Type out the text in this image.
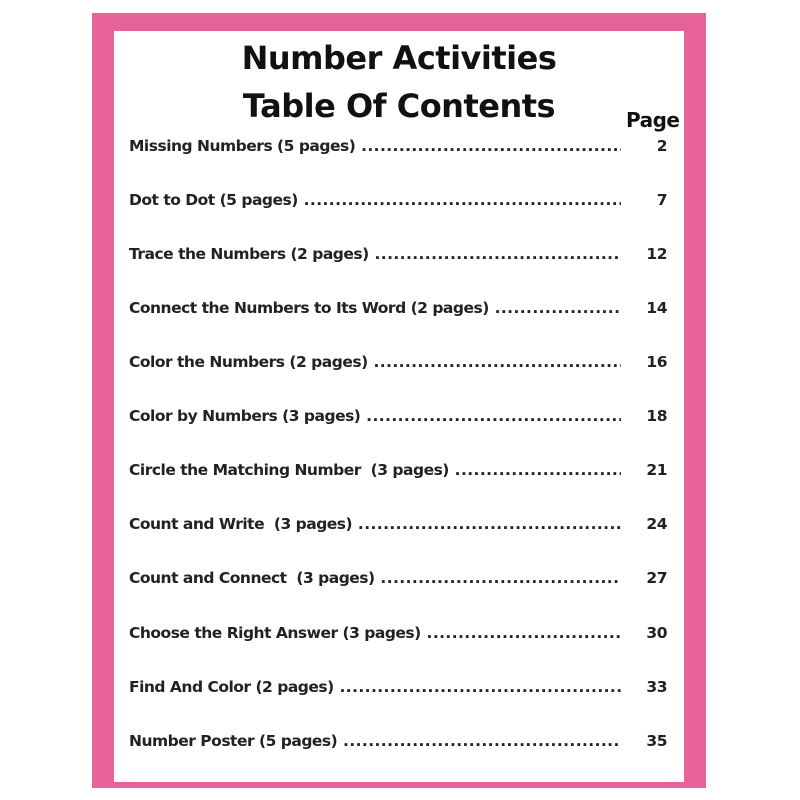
Number Activities
Table Of Contents	Page
Missing Numbers (5 pages) .....	2
Dot to Dot (5 pages) .....	7
Trace the Numbers (2 pages) .....	12
Connect the Numbers to Its Word (2 pages) .....	14
Color the Numbers (2 pages) .....	16
Color by Numbers (3 pages) .....	18
Circle the Matching Number  (3 pages) .....	21
Count and Write  (3 pages) .....	24
Count and Connect  (3 pages) .....	27
Choose the Right Answer (3 pages) .....	30
Find And Color (2 pages) .....	33
Number Poster (5 pages) .....	35
